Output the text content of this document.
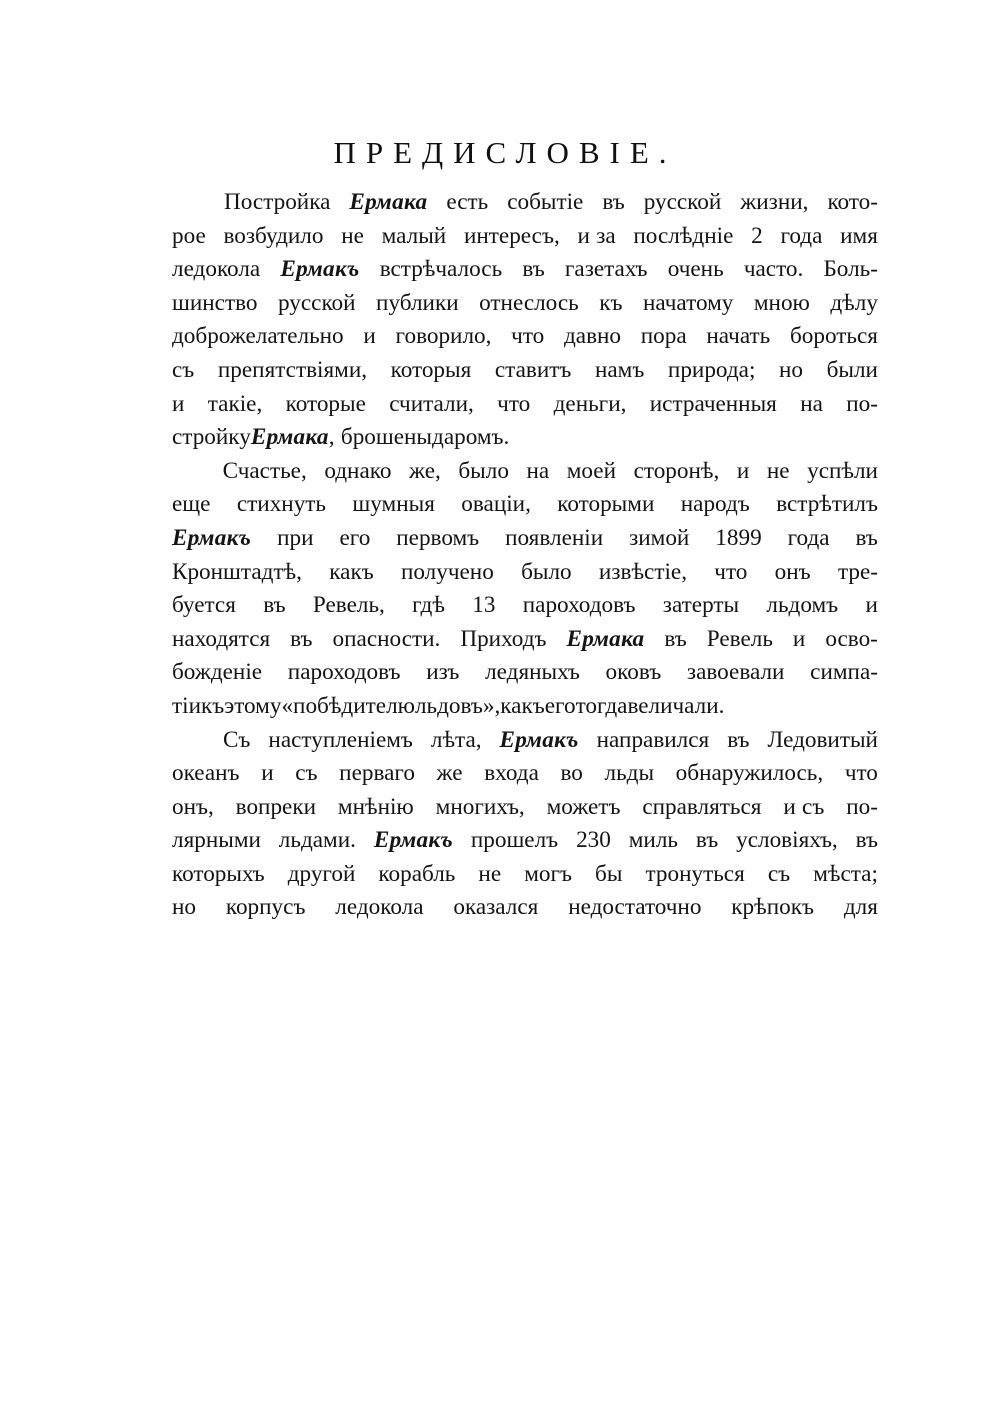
ПРЕДИСЛОВІЕ.

Постройка Ермака есть событіе въ русской жизни, кото-
рое возбудило не малый интересъ, и за послѣдніе 2 года имя
ледокола Ермакъ встрѣчалось въ газетахъ очень часто. Боль-
шинство русской публики отнеслось къ начатому мною дѣлу
доброжелательно и говорило, что давно пора начать бороться
съ препятствіями, которыя ставитъ намъ природа; но были
и такіе, которые считали, что деньги, истраченныя на по-
стройку Ермака , брошены даромъ.

Счастье, однако же, было на моей сторонѣ, и не успѣли
еще стихнуть шумныя оваціи, которыми народъ встрѣтилъ
Ермакъ при его первомъ появленіи зимой 1899 года въ
Кронштадтѣ, какъ получено было извѣстіе, что онъ тре-
буется въ Ревель, гдѣ 13 пароходовъ затерты льдомъ и
находятся въ опасности. Приходъ Ермака въ Ревель и осво-
божденіе пароходовъ изъ ледяныхъ оковъ завоевали симпа-
тіи къ этому «побѣдителю льдовъ», какъ его тогда величали.

Съ наступленіемъ лѣта, Ермакъ направился въ Ледовитый
океанъ и съ перваго же входа во льды обнаружилось, что
онъ, вопреки мнѣнію многихъ, можетъ справляться и съ по-
лярными льдами. Ермакъ прошелъ 230 миль въ условіяхъ, въ
которыхъ другой корабль не могъ бы тронуться съ мѣста;
но корпусъ ледокола оказался недостаточно крѣпокъ для
